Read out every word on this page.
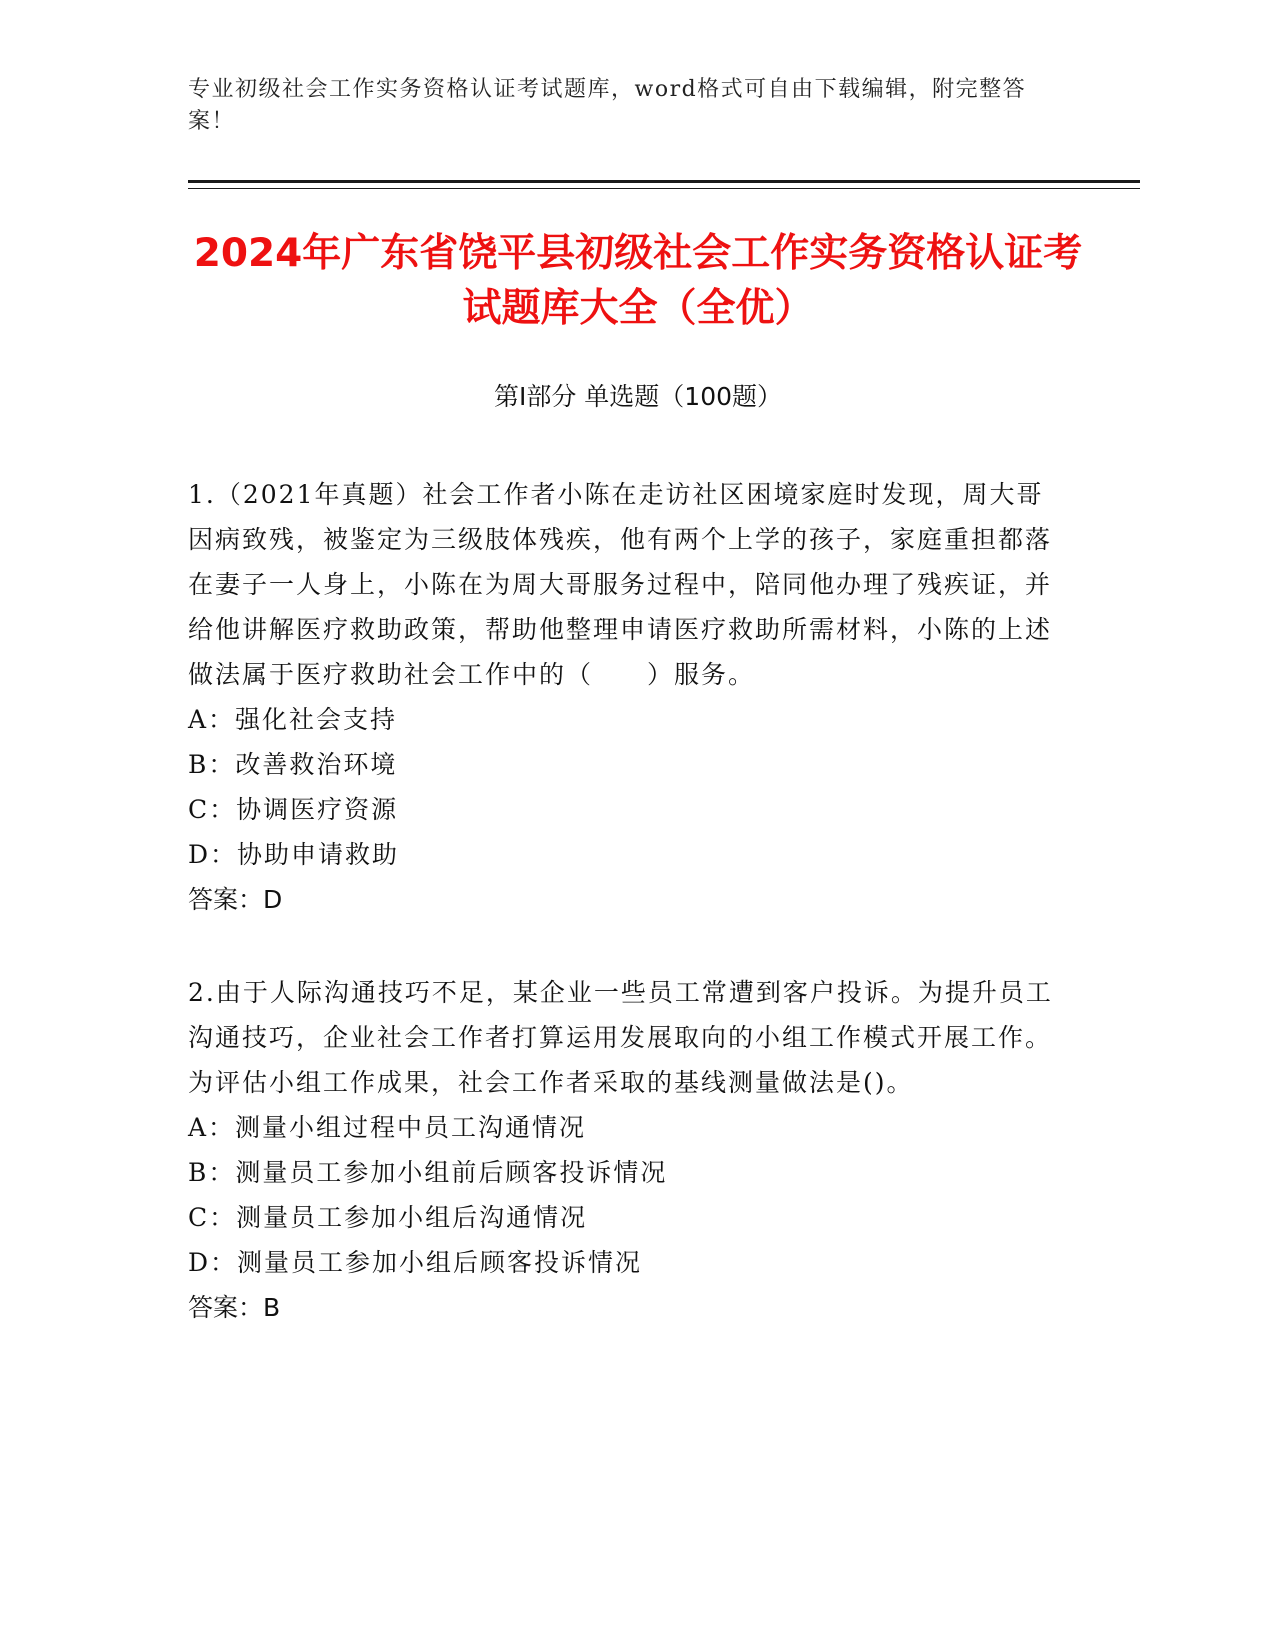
专业初级社会工作实务资格认证考试题库，word格式可自由下载编辑，附完整答案！
2024年广东省饶平县初级社会工作实务资格认证考试题库大全（全优）
第I部分 单选题（100题）

1.（2021年真题）社会工作者小陈在走访社区困境家庭时发现，周大哥因病致残，被鉴定为三级肢体残疾，他有两个上学的孩子，家庭重担都落在妻子一人身上，小陈在为周大哥服务过程中，陪同他办理了残疾证，并给他讲解医疗救助政策，帮助他整理申请医疗救助所需材料，小陈的上述做法属于医疗救助社会工作中的（　　）服务。

A：强化社会支持

B：改善救治环境

C：协调医疗资源

D：协助申请救助

答案：D

2.由于人际沟通技巧不足，某企业一些员工常遭到客户投诉。为提升员工沟通技巧，企业社会工作者打算运用发展取向的小组工作模式开展工作。为评估小组工作成果，社会工作者采取的基线测量做法是()。

A：测量小组过程中员工沟通情况

B：测量员工参加小组前后顾客投诉情况

C：测量员工参加小组后沟通情况

D：测量员工参加小组后顾客投诉情况

答案：B
